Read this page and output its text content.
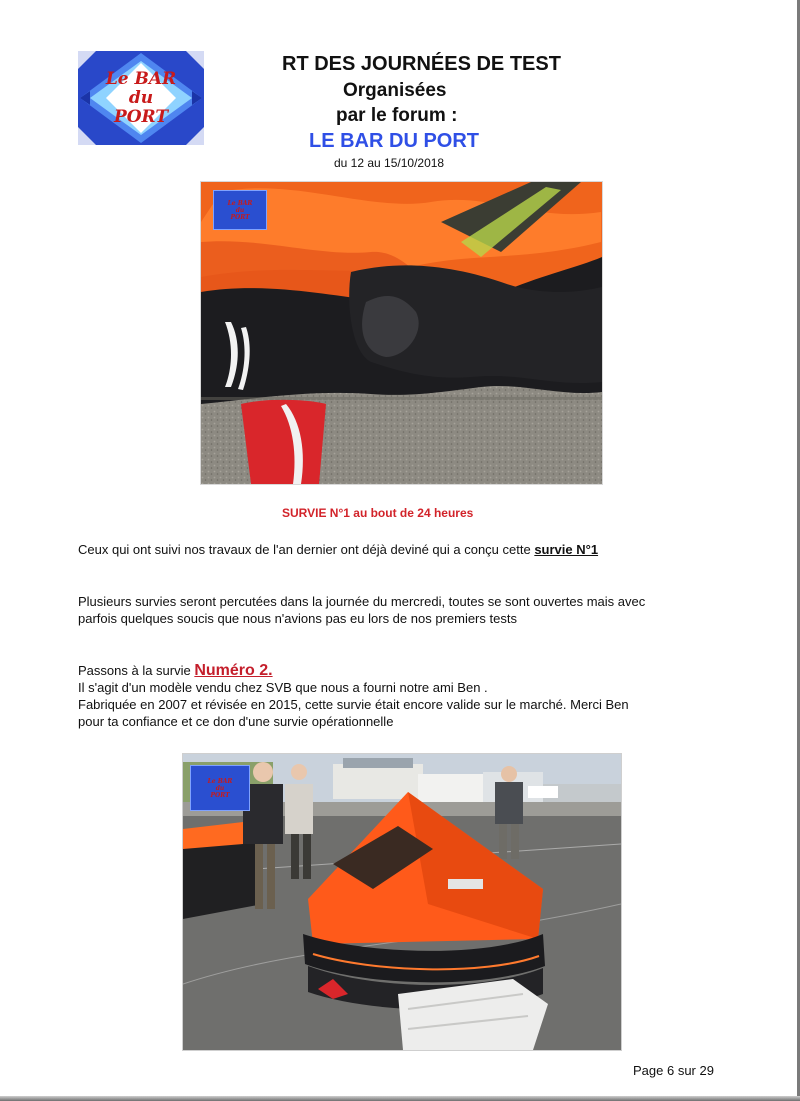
Le BAR
du
PORT
RT DES JOURNÉES DE TEST
Organisées
par le forum :
LE BAR DU PORT
du 12 au 15/10/2018
Le BAR
du
PORT
SURVIE N°1 au bout de 24 heures
Ceux qui ont suivi nos travaux de l'an dernier ont déjà deviné qui a conçu cette survie N°1
Plusieurs survies seront percutées dans la journée du mercredi, toutes se sont ouvertes mais avec
parfois quelques soucis que nous n'avions pas eu lors de nos premiers tests
Passons à la survie Numéro 2.
Il s'agit d'un modèle vendu chez SVB que nous a fourni notre ami Ben .
Fabriquée en 2007 et révisée en 2015, cette survie était encore valide sur le marché. Merci Ben
pour ta confiance et ce don d'une survie opérationnelle
Le BAR
du
PORT
Page 6 sur 29
